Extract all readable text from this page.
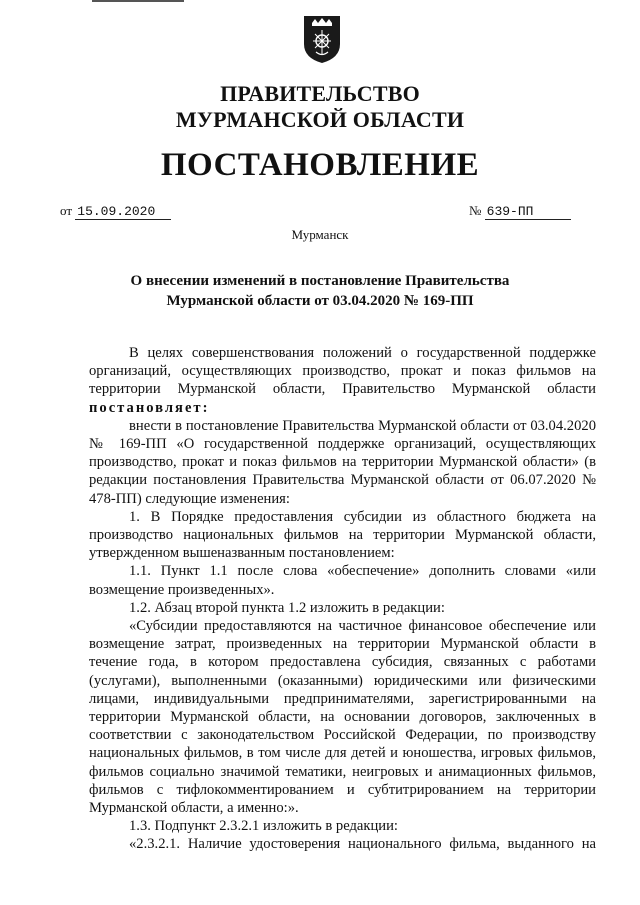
ПРАВИТЕЛЬСТВО
МУРМАНСКОЙ ОБЛАСТИ
ПОСТАНОВЛЕНИЕ
от 15.09.2020	№ 639-ПП
Мурманск
О внесении изменений в постановление Правительства
Мурманской области от 03.04.2020 № 169-ПП

В целях совершенствования положений о государственной поддержке организаций, осуществляющих производство, прокат и показ фильмов на территории Мурманской области, Правительство Мурманской области

постановляет:

внести в постановление Правительства Мурманской области от 03.04.2020 № 169-ПП «О государственной поддержке организаций, осуществляющих производство, прокат и показ фильмов на территории Мурманской области» (в редакции постановления Правительства Мурманской области от 06.07.2020 № 478-ПП) следующие изменения:

1. В Порядке предоставления субсидии из областного бюджета на производство национальных фильмов на территории Мурманской области, утвержденном вышеназванным постановлением:

1.1. Пункт 1.1 после слова «обеспечение» дополнить словами «или возмещение произведенных».

1.2. Абзац второй пункта 1.2 изложить в редакции:

«Субсидии предоставляются на частичное финансовое обеспечение или возмещение затрат, произведенных на территории Мурманской области в течение года, в котором предоставлена субсидия, связанных с работами (услугами), выполненными (оказанными) юридическими или физическими лицами, индивидуальными предпринимателями, зарегистрированными на территории Мурманской области, на основании договоров, заключенных в соответствии с законодательством Российской Федерации, по производству национальных фильмов, в том числе для детей и юношества, игровых фильмов, фильмов социально значимой тематики, неигровых и анимационных фильмов, фильмов с тифлокомментированием и субтитрированием на территории Мурманской области, а именно:».

1.3. Подпункт 2.3.2.1 изложить в редакции:

«2.3.2.1. Наличие удостоверения национального фильма, выданного на
